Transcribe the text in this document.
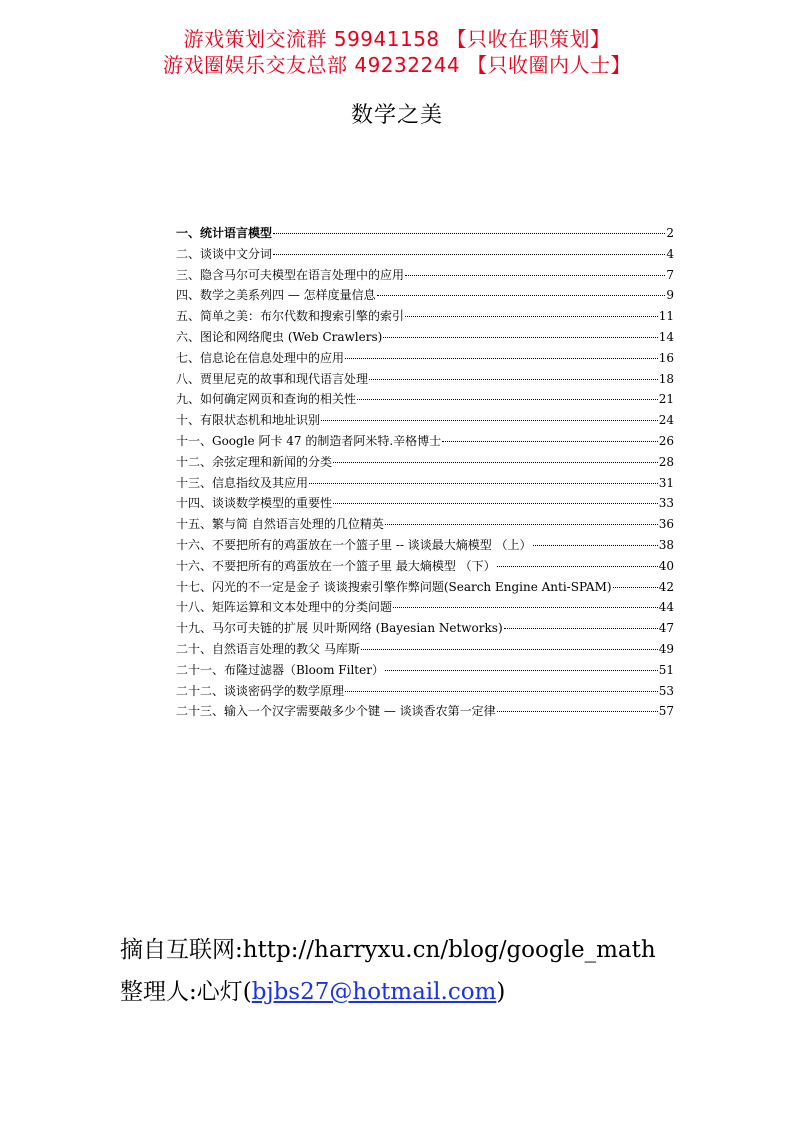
游戏策划交流群 59941158 【只收在职策划】
游戏圈娱乐交友总部 49232244 【只收圈内人士】
数学之美
一、统计语言模型	2
二、谈谈中文分词	4
三、隐含马尔可夫模型在语言处理中的应用	7
四、数学之美系列四 — 怎样度量信息	9
五、简单之美：布尔代数和搜索引擎的索引	11
六、图论和网络爬虫 (Web Crawlers)	14
七、信息论在信息处理中的应用	16
八、贾里尼克的故事和现代语言处理	18
九、如何确定网页和查询的相关性	21
十、有限状态机和地址识别	24
十一、Google 阿卡 47 的制造者阿米特.辛格博士	26
十二、余弦定理和新闻的分类	28
十三、信息指纹及其应用	31
十四、谈谈数学模型的重要性	33
十五、繁与简 自然语言处理的几位精英	36
十六、不要把所有的鸡蛋放在一个篮子里 -- 谈谈最大熵模型 （上）	38
十六、不要把所有的鸡蛋放在一个篮子里 最大熵模型 （下）	40
十七、闪光的不一定是金子 谈谈搜索引擎作弊问题(Search Engine Anti-SPAM)	42
十八、矩阵运算和文本处理中的分类问题	44
十九、马尔可夫链的扩展 贝叶斯网络 (Bayesian Networks)	47
二十、自然语言处理的教父 马库斯	49
二十一、布隆过滤器（Bloom Filter）	51
二十二、谈谈密码学的数学原理	53
二十三、输入一个汉字需要敲多少个键 — 谈谈香农第一定律	57
摘自互联网:http://harryxu.cn/blog/google_math
整理人:心灯(bjbs27@hotmail.com)
